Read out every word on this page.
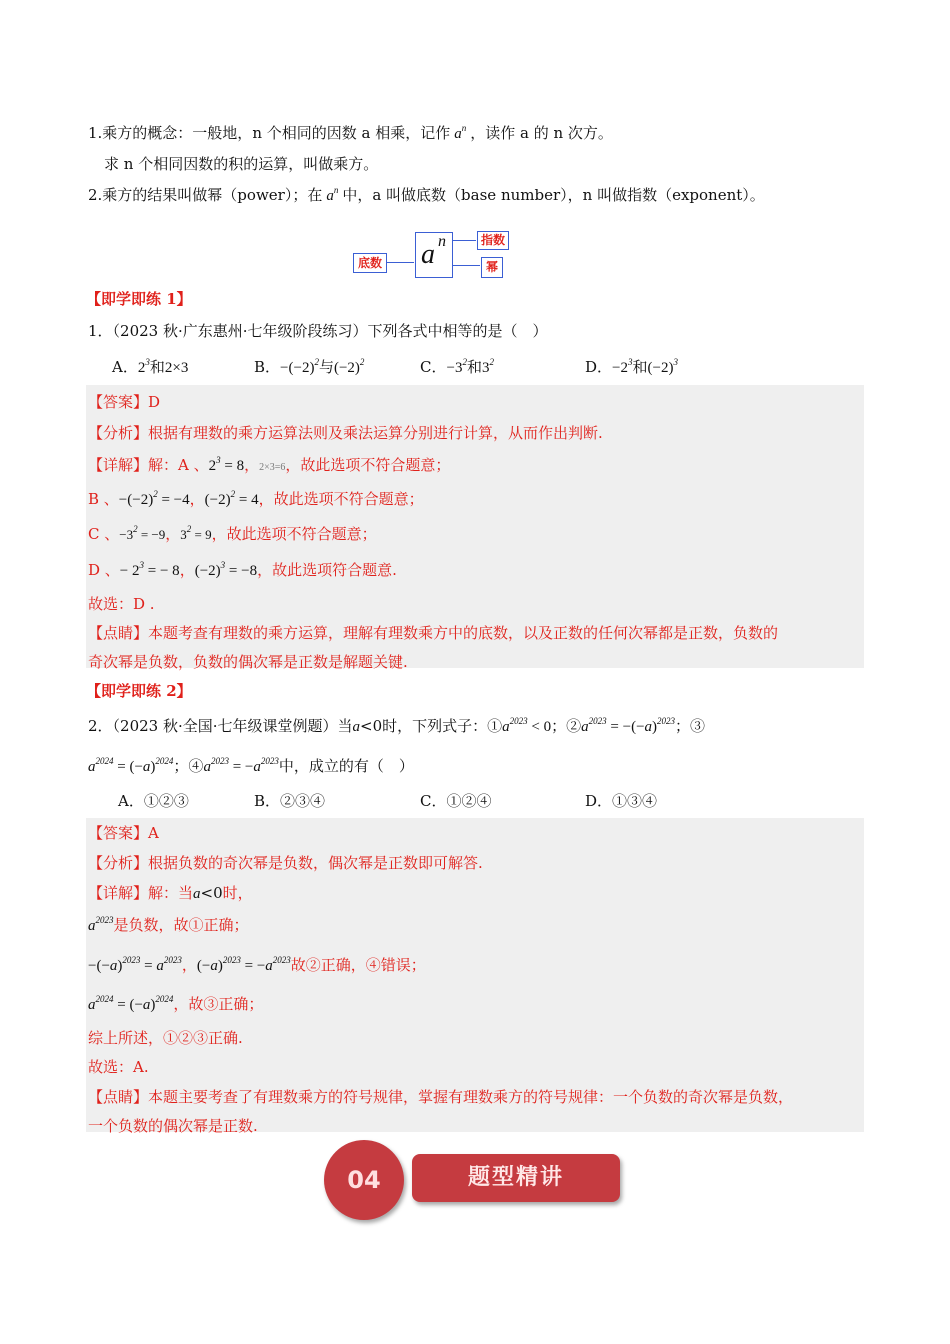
1.乘方的概念：一般地，n 个相同的因数 a 相乘，记作 $a^n$ ，读作 a 的 n 次方。
求 n 个相同因数的积的运算，叫做乘方。
2.乘方的结果叫做幂（power）；在 $a^n$ 中，a 叫做底数（base number），n 叫做指数（exponent）。
底数 a n	指数
幂
【即学即练 1】
1．（2023 秋·广东惠州·七年级阶段练习）下列各式中相等的是（　）
A．$2^3$和2×3	B．$-(-2)^2$与$(-2)^2$	C．$-3^2$和$3^2$	D．$-2^3$和$(-2)^3$
【答案】D
【分析】根据有理数的乘方运算法则及乘法运算分别进行计算，从而作出判断.
【详解】解：A 、$2^3 = 8$，2×3=6，故此选项不符合题意；
B 、$-(-2)^2 = -4$，$(-2)^2 = 4$，故此选项不符合题意；
C 、$-3^2 = -9$，$3^2 = 9$，故此选项不符合题意；
D 、− $2^3$ = − 8，$(-2)^3 = -8$，故此选项符合题意.
故选：D .
【点睛】本题考查有理数的乘方运算，理解有理数乘方中的底数，以及正数的任何次幂都是正数，负数的
奇次幂是负数，负数的偶次幂是正数是解题关键.
【即学即练 2】
2．（2023 秋·全国·七年级课堂例题）当a<0时，下列式子：$①a^{2023} < 0$；$②a^{2023} = -(-a)^{2023}$；③
$a^{2024} = (-a)^{2024}$；$④a^{2023} = -a^{2023}$中，成立的有（　）
A．①②③	B．②③④	C．①②④	D．①③④
【答案】A
【分析】根据负数的奇次幂是负数，偶次幂是正数即可解答.
【详解】解：当a<0时，
$a^{2023}$是负数，故①正确；
$-(-a)^{2023} = a^{2023}$，$(-a)^{2023} = -a^{2023}$故②正确，④错误；
$a^{2024} = (-a)^{2024}$，故③正确；
综上所述，①②③正确.
故选：A.
【点睛】本题主要考查了有理数乘方的符号规律，掌握有理数乘方的符号规律：一个负数的奇次幂是负数，
一个负数的偶次幂是正数.
04	题型精讲
